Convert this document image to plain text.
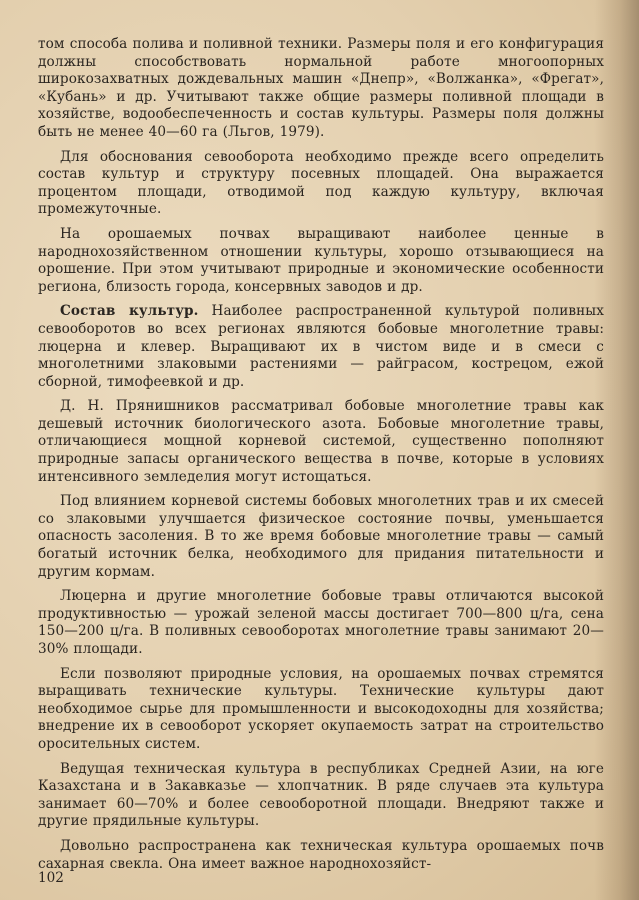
том способа полива и поливной техники. Размеры поля и его конфигурация должны способствовать нормальной работе многоопорных широкозахватных дождевальных машин «Днепр», «Волжанка», «Фрегат», «Кубань» и др. Учитывают также общие размеры поливной площади в хозяйстве, водообеспеченность и состав культуры. Размеры поля должны быть не менее 40—60 га (Льгов, 1979).

Для обоснования севооборота необходимо прежде всего определить состав культур и структуру посевных площадей. Она выражается процентом площади, отводимой под каждую культуру, включая промежуточные.

На орошаемых почвах выращивают наиболее ценные в народнохозяйственном отношении культуры, хорошо отзывающиеся на орошение. При этом учитывают природные и экономические особенности региона, близость города, консервных заводов и др.

Состав культур. Наиболее распространенной культурой поливных севооборотов во всех регионах являются бобовые многолетние травы: люцерна и клевер. Выращивают их в чистом виде и в смеси с многолетними злаковыми растениями — райграсом, кострецом, ежой сборной, тимофеевкой и др.

Д. Н. Прянишников рассматривал бобовые многолетние травы как дешевый источник биологического азота. Бобовые многолетние травы, отличающиеся мощной корневой системой, существенно пополняют природные запасы органического вещества в почве, которые в условиях интенсивного земледелия могут истощаться.

Под влиянием корневой системы бобовых многолетних трав и их смесей со злаковыми улучшается физическое состояние почвы, уменьшается опасность засоления. В то же время бобовые многолетние травы — самый богатый источник белка, необходимого для придания питательности и другим кормам.

Люцерна и другие многолетние бобовые травы отличаются высокой продуктивностью — урожай зеленой массы достигает 700—800 ц/га, сена 150—200 ц/га. В поливных севооборотах многолетние травы занимают 20—30% площади.

Если позволяют природные условия, на орошаемых почвах стремятся выращивать технические культуры. Технические культуры дают необходимое сырье для промышленности и высокодоходны для хозяйства; внедрение их в севооборот ускоряет окупаемость затрат на строительство оросительных систем.

Ведущая техническая культура в республиках Средней Азии, на юге Казахстана и в Закавказье — хлопчатник. В ряде случаев эта культура занимает 60—70% и более севооборотной площади. Внедряют также и другие прядильные культуры.

Довольно распространена как техническая культура орошаемых почв сахарная свекла. Она имеет важное народнохозяйст-

102
